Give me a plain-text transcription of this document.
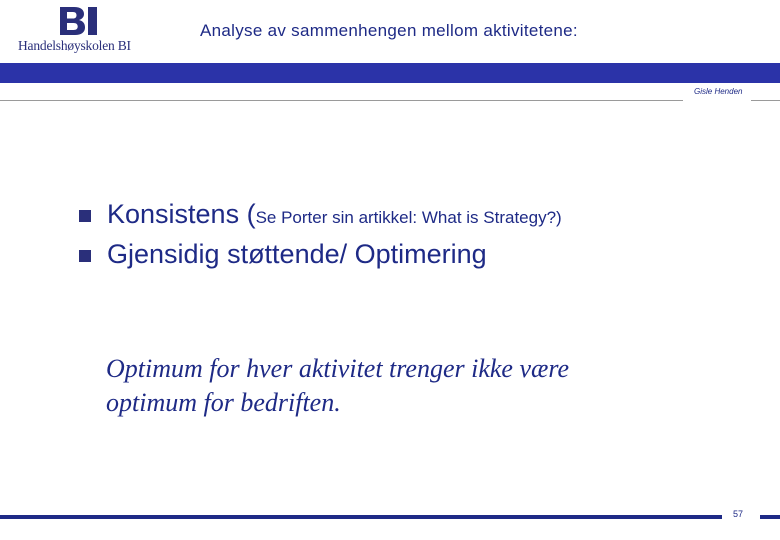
Handelshøyskolen BI
Analyse av sammenhengen mellom aktivitetene:
Gisle Henden
Konsistens (Se Porter sin artikkel: What is Strategy?)
Gjensidig støttende/ Optimering
Optimum for hver aktivitet trenger ikke være
optimum for bedriften.
57
